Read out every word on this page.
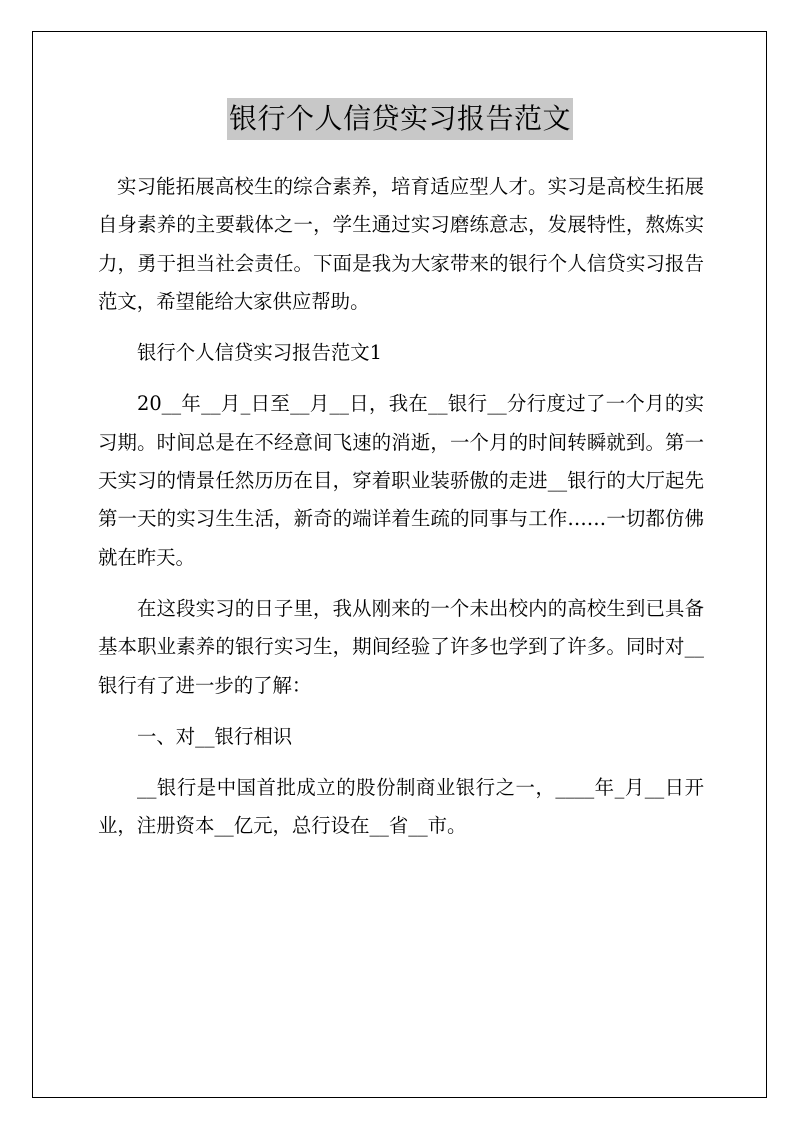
银行个人信贷实习报告范文

实习能拓展高校生的综合素养，培育适应型人才。实习是高校生拓展自身素养的主要载体之一，学生通过实习磨练意志，发展特性，熬炼实力，勇于担当社会责任。下面是我为大家带来的银行个人信贷实习报告范文，希望能给大家供应帮助。

银行个人信贷实习报告范文1

20__年__月_日至__月__日，我在__银行__分行度过了一个月的实习期。时间总是在不经意间飞速的消逝，一个月的时间转瞬就到。第一天实习的情景任然历历在目，穿着职业装骄傲的走进__银行的大厅起先第一天的实习生生活，新奇的端详着生疏的同事与工作……一切都仿佛就在昨天。

在这段实习的日子里，我从刚来的一个未出校内的高校生到已具备基本职业素养的银行实习生，期间经验了许多也学到了许多。同时对__银行有了进一步的了解：

一、对__银行相识

__银行是中国首批成立的股份制商业银行之一，____年_月__日开业，注册资本__亿元，总行设在__省__市。
